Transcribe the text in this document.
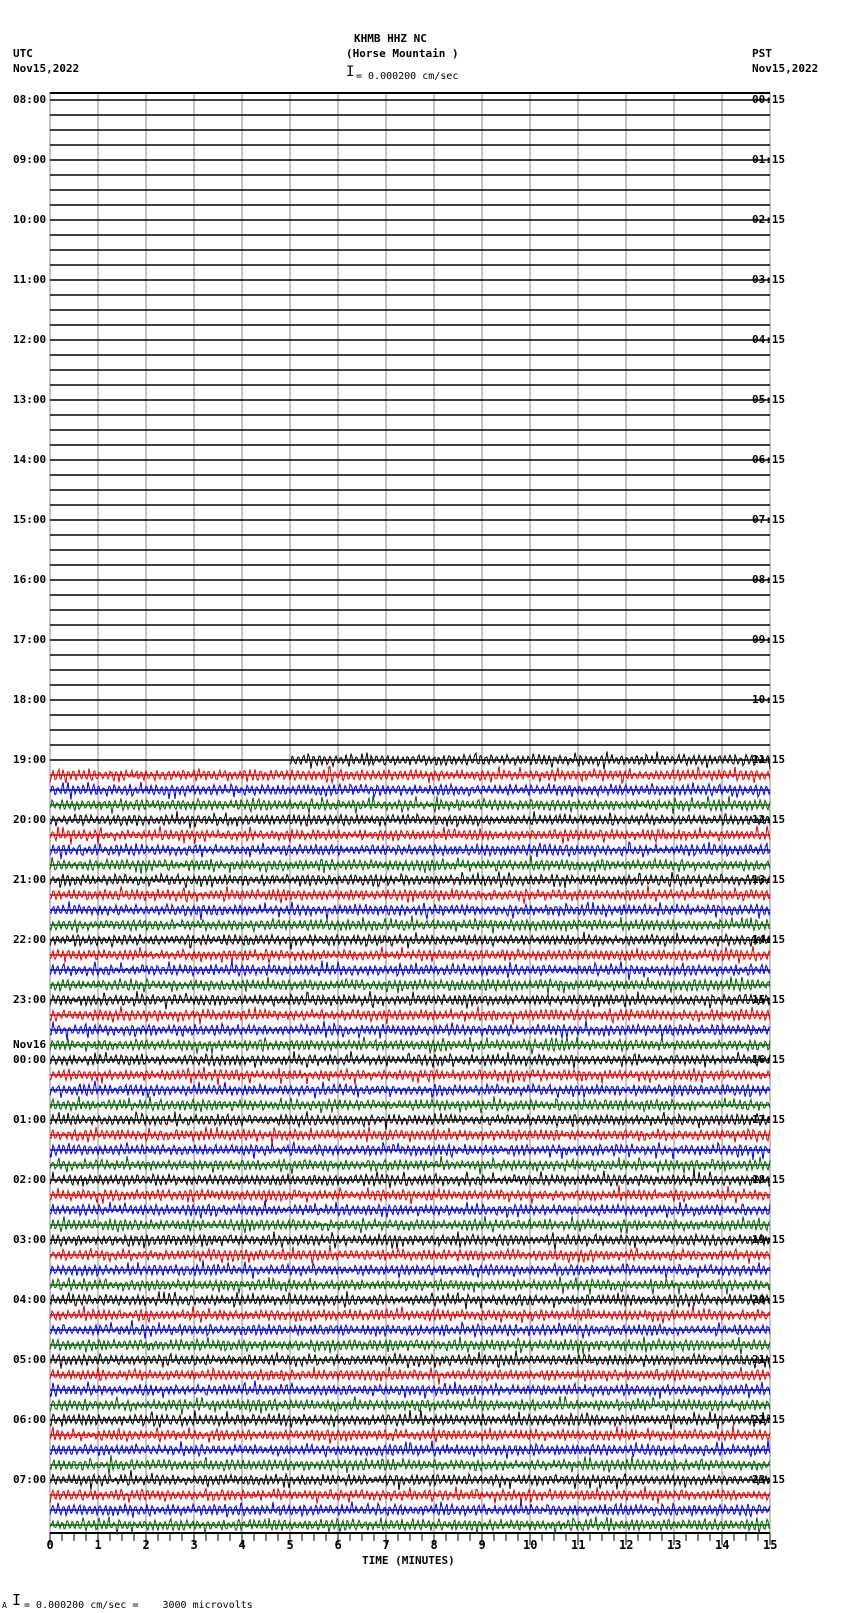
KHMB HHZ NC
(Horse Mountain )
UTC
Nov15,2022
PST
Nov15,2022
I = 0.000200 cm/sec
TIME (MINUTES)
A I = 0.000200 cm/sec =    3000 microvolts
0	1	2	3	4	5	6	7	8	9	10	11	12	13	14	15
08:00
09:00
10:00
11:00
12:00
13:00
14:00
15:00
16:00
17:00
18:00
19:00
20:00
21:00
22:00
23:00
Nov16
00:00
01:00
02:00
03:00
04:00
05:00
06:00
07:00
00:15
01:15
02:15
03:15
04:15
05:15
06:15
07:15
08:15
09:15
10:15
11:15
12:15
13:15
14:15
15:15
16:15
17:15
18:15
19:15
20:15
21:15
22:15
23:15
